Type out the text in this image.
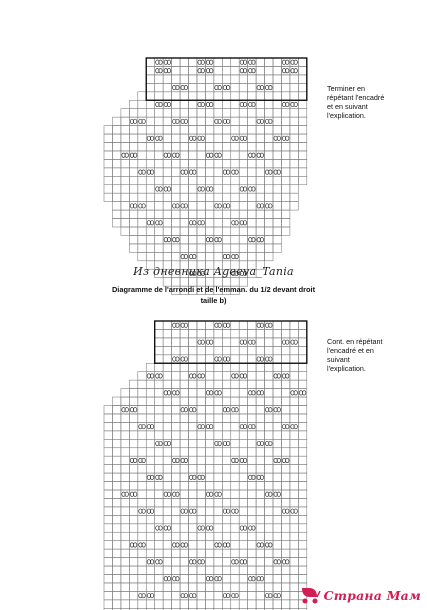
Terminer en
répétant l'encadré
et en suivant
l'explication.
Из дневника Ageeva_Tania
Diagramme de l'arrondi et de l'emman. du 1/2 devant droit
taille b)
Cont. en répétant
l'encadré et en
suivant
l'explication.
Страна Мам
